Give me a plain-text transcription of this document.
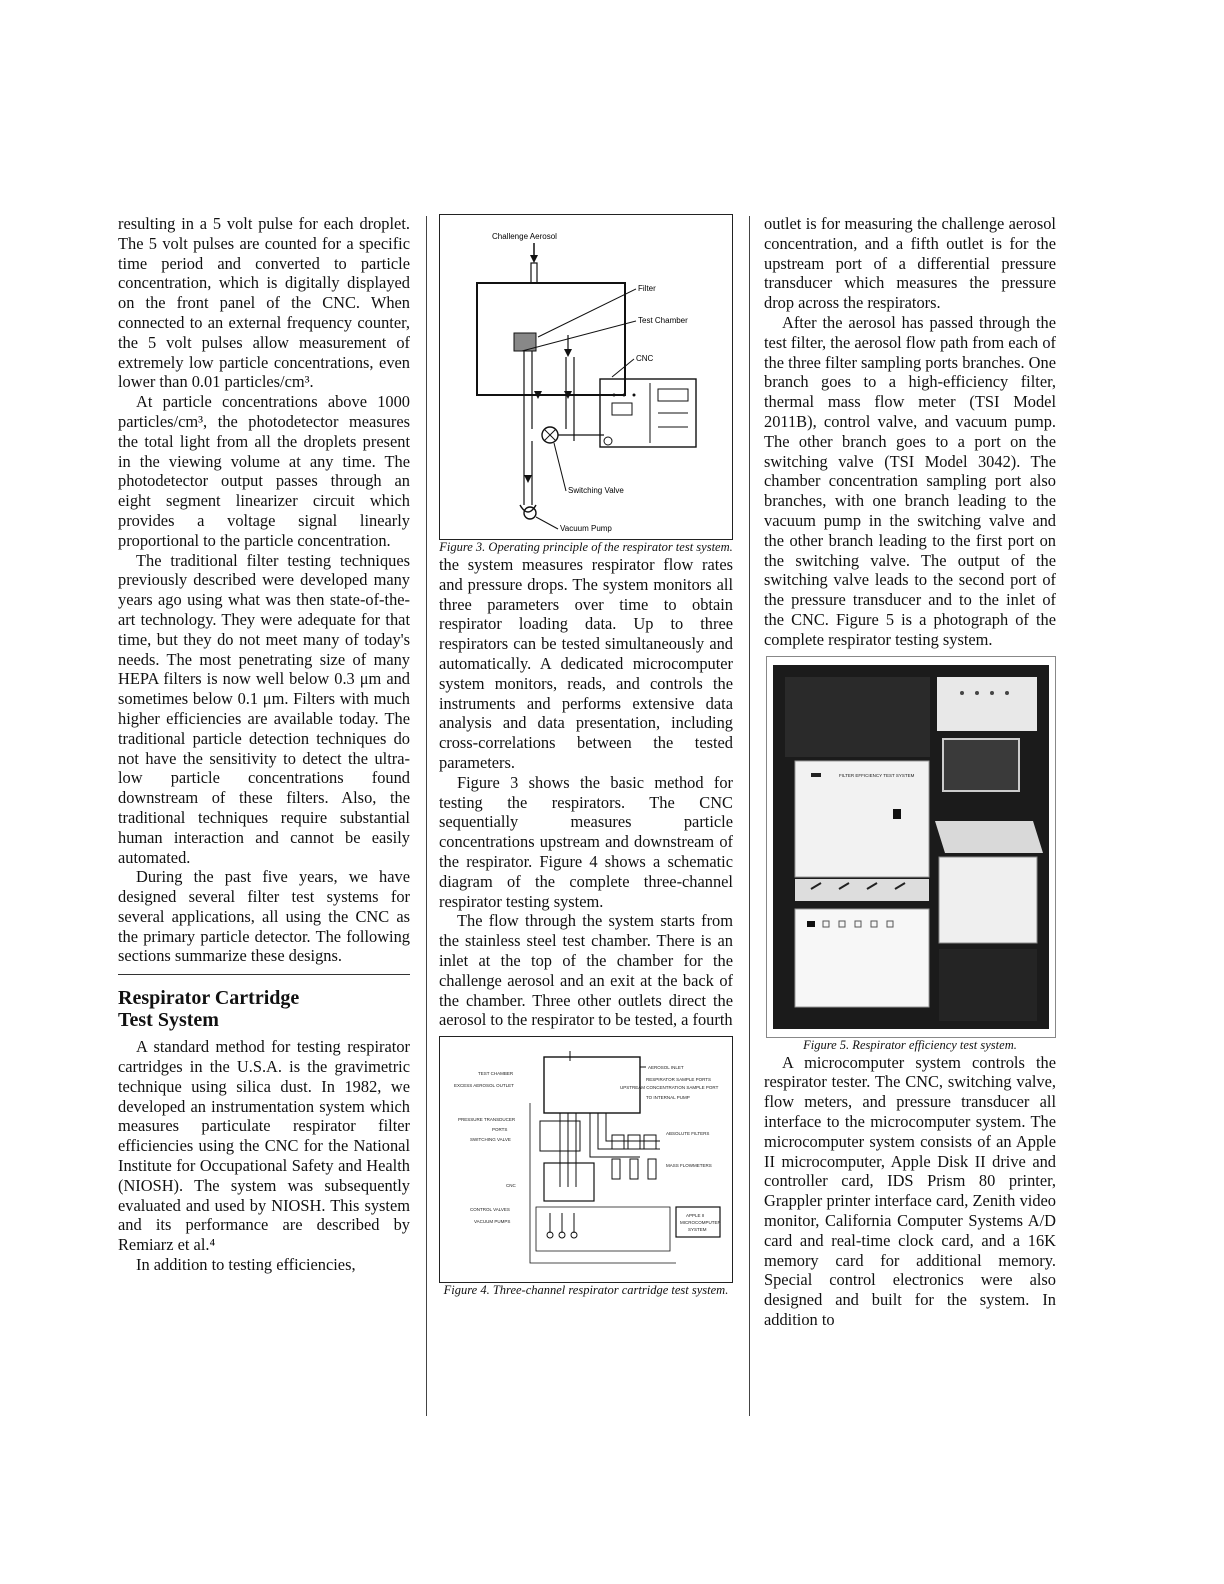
resulting in a 5 volt pulse for each droplet. The 5 volt pulses are counted for a specific time period and converted to particle concentration, which is digitally displayed on the front panel of the CNC. When connected to an external frequency counter, the 5 volt pulses allow measurement of extremely low particle concentrations, even lower than 0.01 particles/cm³.

At particle concentrations above 1000 particles/cm³, the photodetector measures the total light from all the droplets present in the viewing volume at any time. The photodetector output passes through an eight segment linearizer circuit which provides a voltage signal linearly proportional to the particle concentration.

The traditional filter testing techniques previously described were developed many years ago using what was then state-of-the-art technology. They were adequate for that time, but they do not meet many of today's needs. The most penetrating size of many HEPA filters is now well below 0.3 μm and sometimes below 0.1 μm. Filters with much higher efficiencies are available today. The traditional particle detection techniques do not have the sensitivity to detect the ultra-low particle concentrations found downstream of these filters. Also, the traditional techniques require substantial human interaction and cannot be easily automated.

During the past five years, we have designed several filter test systems for several applications, all using the CNC as the primary particle detector. The following sections summarize these designs.

Respirator Cartridge
Test System

A standard method for testing respirator cartridges in the U.S.A. is the gravimetric technique using silica dust. In 1982, we developed an instrumentation system which measures particulate respirator filter efficiencies using the CNC for the National Institute for Occupational Safety and Health (NIOSH). The system was subsequently evaluated and used by NIOSH. This system and its performance are described by Remiarz et al.⁴

In addition to testing efficiencies,

Challenge Aerosol
Filter
Test Chamber
CNC
Switching Valve
Vacuum Pump

Figure 3. Operating principle of the respirator test system.

the system measures respirator flow rates and pressure drops. The system monitors all three parameters over time to obtain respirator loading data. Up to three respirators can be tested simultaneously and automatically. A dedicated microcomputer system monitors, reads, and controls the instruments and performs extensive data analysis and data presentation, including cross-correlations between the tested parameters.

Figure 3 shows the basic method for testing the respirators. The CNC sequentially measures particle concentrations upstream and downstream of the respirator. Figure 4 shows a schematic diagram of the complete three-channel respirator testing system.

The flow through the system starts from the stainless steel test chamber. There is an inlet at the top of the chamber for the challenge aerosol and an exit at the back of the chamber. Three other outlets direct the aerosol to the respirator to be tested, a fourth

TEST CHAMBER
EXCESS AEROSOL OUTLET
PRESSURE TRANSDUCER
PORTS
SWITCHING VALVE
CNC
CONTROL VALVES
VACUUM PUMPS
AEROSOL INLET
RESPIRATOR SAMPLE PORTS
UPSTREAM CONCENTRATION SAMPLE PORT
TO INTERNAL PUMP
ABSOLUTE FILTERS
MASS FLOWMETERS
APPLE II
MICROCOMPUTER
SYSTEM

Figure 4. Three-channel respirator cartridge test system.

outlet is for measuring the challenge aerosol concentration, and a fifth outlet is for the upstream port of a differential pressure transducer which measures the pressure drop across the respirators.

After the aerosol has passed through the test filter, the aerosol flow path from each of the three filter sampling ports branches. One branch goes to a high-efficiency filter, thermal mass flow meter (TSI Model 2011B), control valve, and vacuum pump. The other branch goes to a port on the switching valve (TSI Model 3042). The chamber concentration sampling port also branches, with one branch leading to the vacuum pump in the switching valve and the other branch leading to the first port on the switching valve. The output of the switching valve leads to the second port of the pressure transducer and to the inlet of the CNC. Figure 5 is a photograph of the complete respirator testing system.

FILTER EFFICIENCY TEST SYSTEM

Figure 5. Respirator efficiency test system.

A microcomputer system controls the respirator tester. The CNC, switching valve, flow meters, and pressure transducer all interface to the microcomputer system. The microcomputer system consists of an Apple II microcomputer, Apple Disk II drive and controller card, IDS Prism 80 printer, Grappler printer interface card, Zenith video monitor, California Computer Systems A/D card and real-time clock card, and a 16K memory card for additional memory. Special control electronics were also designed and built for the system. In addition to
